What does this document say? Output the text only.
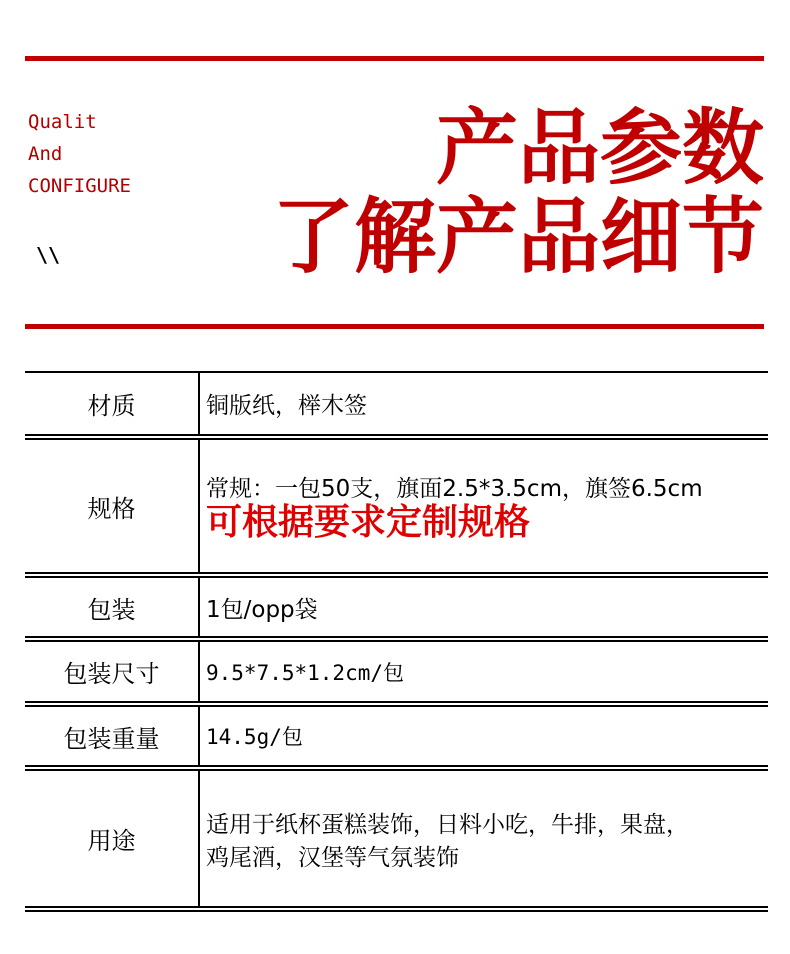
Qualit
And
CONFIGURE
\\
产品参数
了解产品细节

材质	铜版纸，榉木签

规格	常规：一包50支，旗面2.5*3.5cm，旗签6.5cm
可根据要求定制规格

包装	1包/opp袋

包装尺寸	9.5*7.5*1.2cm/包

包装重量	14.5g/包

用途	适用于纸杯蛋糕装饰，日料小吃，牛排，果盘，
鸡尾酒，汉堡等气氛装饰
